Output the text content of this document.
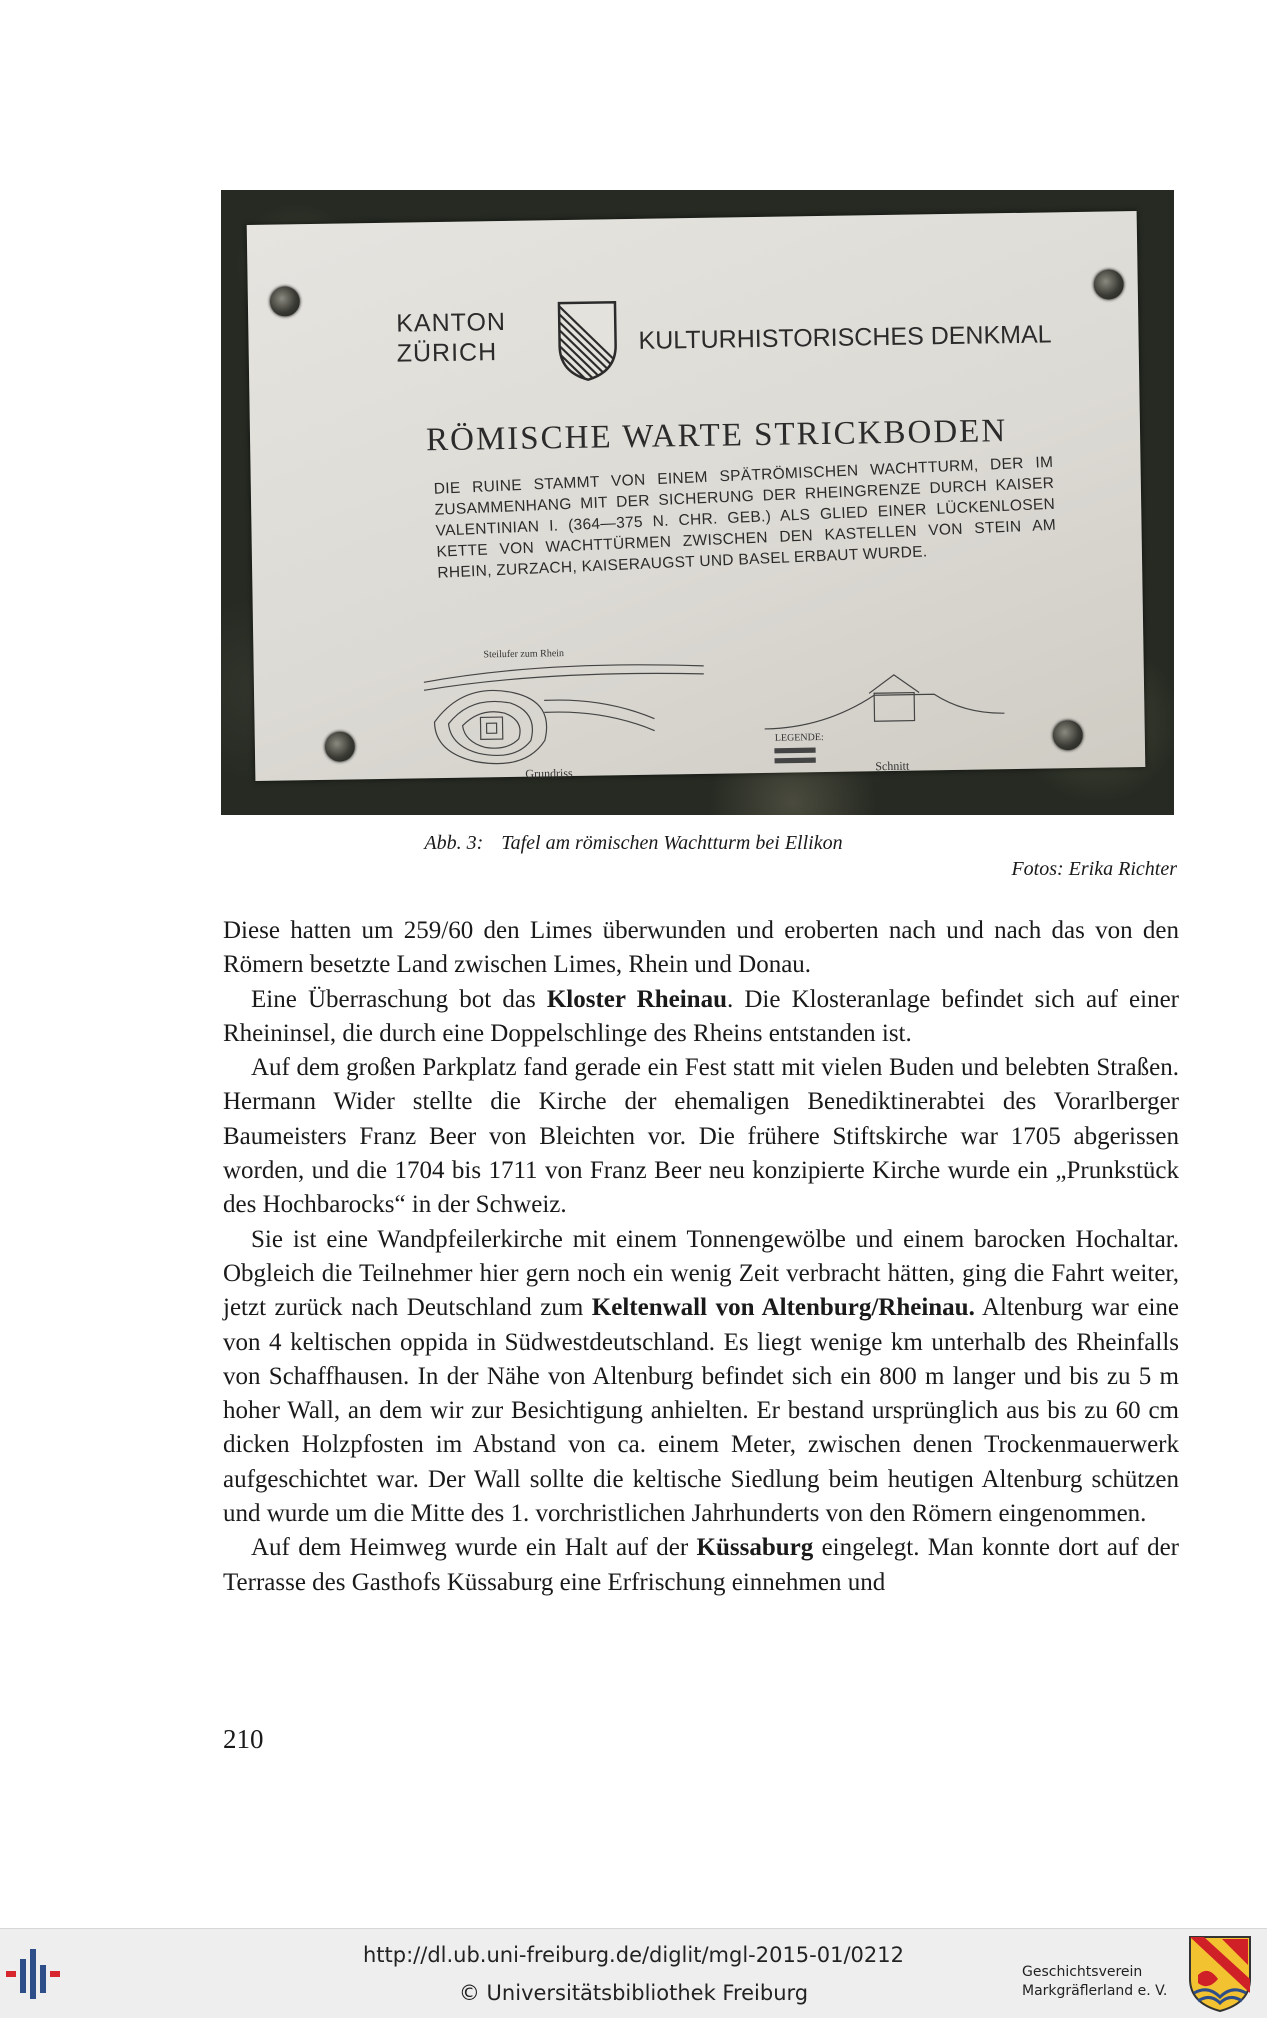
KANTON
ZÜRICH	KULTURHISTORISCHES DENKMAL
RÖMISCHE WARTE STRICKBODEN
DIE RUINE STAMMT VON EINEM SPÄTRÖMISCHEN WACHTTURM, DER IM ZUSAMMENHANG MIT DER SICHERUNG DER RHEINGRENZE DURCH KAISER VALENTINIAN I. (364—375 N. CHR. GEB.) ALS GLIED EINER LÜCKENLOSEN KETTE VON WACHTTÜRMEN ZWISCHEN DEN KASTELLEN VON STEIN AM RHEIN, ZURZACH, KAISERAUGST UND BASEL ERBAUT WURDE.
Steilufer zum Rhein
LEGENDE:
Grundriss
Schnitt
Abb. 3: Tafel am römischen Wachtturm bei Ellikon
Fotos: Erika Richter

Diese hatten um 259/60 den Limes überwunden und eroberten nach und nach das von den Römern besetzte Land zwischen Limes, Rhein und Donau.

Eine Überraschung bot das Kloster Rheinau. Die Klosteranlage befindet sich auf einer Rheininsel, die durch eine Doppelschlinge des Rheins entstanden ist.

Auf dem großen Parkplatz fand gerade ein Fest statt mit vielen Buden und belebten Straßen. Hermann Wider stellte die Kirche der ehemaligen Benediktinerabtei des Vorarlberger Baumeisters Franz Beer von Bleichten vor. Die frühere Stiftskirche war 1705 abgerissen worden, und die 1704 bis 1711 von Franz Beer neu konzipierte Kirche wurde ein „Prunkstück des Hochbarocks“ in der Schweiz.

Sie ist eine Wandpfeilerkirche mit einem Tonnengewölbe und einem barocken Hochaltar. Obgleich die Teilnehmer hier gern noch ein wenig Zeit verbracht hätten, ging die Fahrt weiter, jetzt zurück nach Deutschland zum Keltenwall von Altenburg/Rheinau. Altenburg war eine von 4 keltischen oppida in Südwestdeutschland. Es liegt wenige km unterhalb des Rheinfalls von Schaffhausen. In der Nähe von Altenburg befindet sich ein 800 m langer und bis zu 5 m hoher Wall, an dem wir zur Besichtigung anhielten. Er bestand ursprünglich aus bis zu 60 cm dicken Holzpfosten im Abstand von ca. einem Meter, zwischen denen Trockenmauerwerk aufgeschichtet war. Der Wall sollte die keltische Siedlung beim heutigen Altenburg schützen und wurde um die Mitte des 1. vorchristlichen Jahrhunderts von den Römern eingenommen.

Auf dem Heimweg wurde ein Halt auf der Küssaburg eingelegt. Man konnte dort auf der Terrasse des Gasthofs Küssaburg eine Erfrischung einnehmen und

210
http://dl.ub.uni-freiburg.de/diglit/mgl-2015-01/0212
© Universitätsbibliothek Freiburg
Geschichtsverein
Markgräflerland e. V.
